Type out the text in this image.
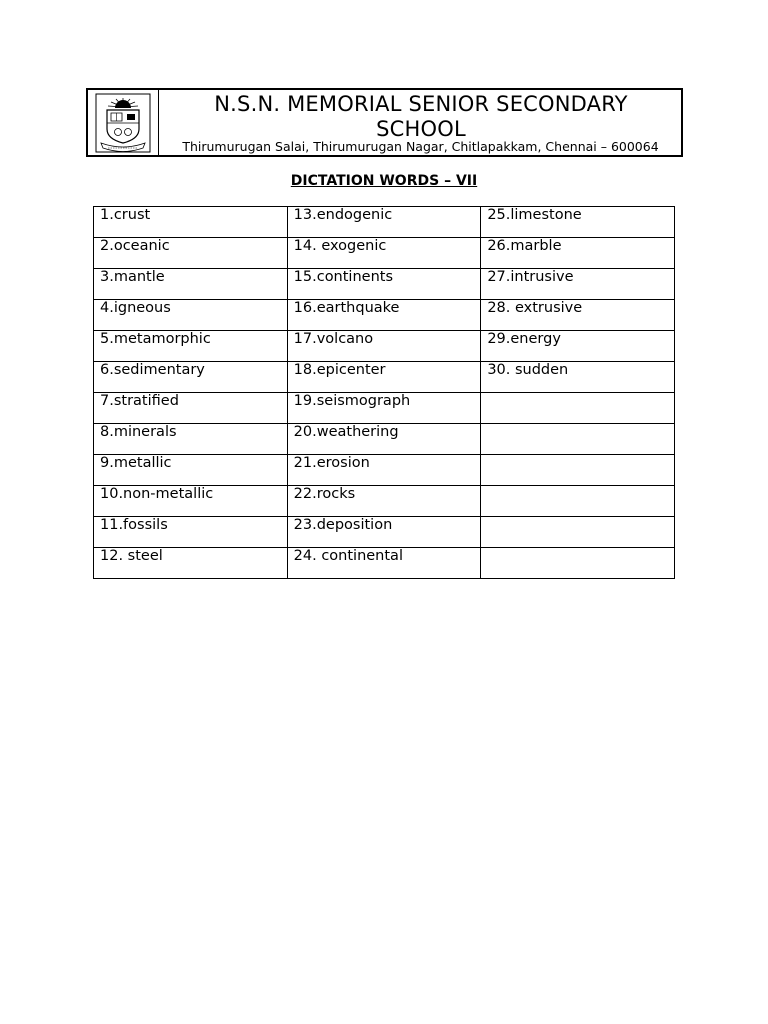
N.S.N. MEMORIAL SENIOR SECONDARY SCHOOL
Thirumurugan Salai, Thirumurugan Nagar, Chitlapakkam, Chennai – 600064
DICTATION WORDS – VII
1.crust	13.endogenic	25.limestone

2.oceanic	14. exogenic	26.marble

3.mantle	15.continents	27.intrusive

4.igneous	16.earthquake	28. extrusive

5.metamorphic	17.volcano	29.energy

6.sedimentary	18.epicenter	30. sudden

7.stratified	19.seismograph	

8.minerals	20.weathering	

9.metallic	21.erosion	

10.non-metallic	22.rocks	

11.fossils	23.deposition	

12. steel	24. continental	
